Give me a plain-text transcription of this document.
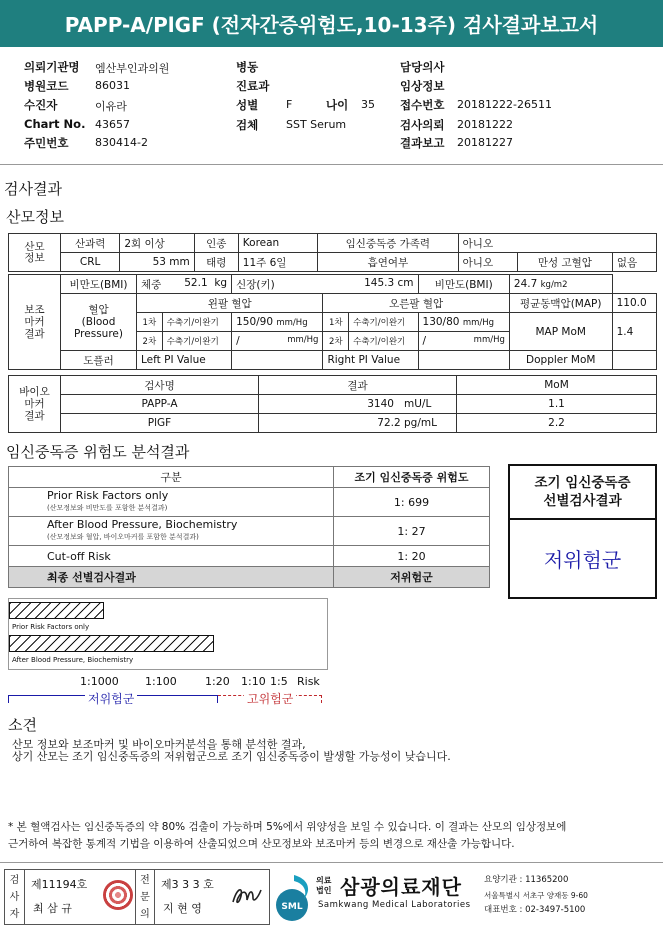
PAPP-A/PlGF (전자간증위험도,10-13주) 검사결과보고서
의뢰기관명 엠산부인과의원
병원코드 86031
수진자	이유라
Chart No. 43657
주민번호 830414-2
병동
진료과
성별	F	나이 35
검체	SST Serum
담당의사
임상정보
접수번호 20181222-26511
검사의뢰 20181222
결과보고 20181227
검사결과
산모정보
산모
정보	산과력	2회 이상	인종	Korean	임신중독증 가족력	아니오		
	CRL	53 mm	태령	11주 6일	흡연여부	아니오	만성 고혈압	없음
보조
마커
결과	비만도(BMI)	체중 52.1 kg		신장(키) 145.3 cm			비만도(BMI)	24.7 kg/m2	
	혈압
(Blood
Pressure)	왼팔 혈압			오른팔 혈압			평균동맥압(MAP)	110.0
		1차	수축기/이완기	150/90 mm/Hg	1차	수축기/이완기	130/80 mm/Hg	MAP MoM	1.4
		2차	수축기/이완기	/ mm/Hg	2차	수축기/이완기	/ mm/Hg		

	도플러	Left PI Value			Right PI Value			Doppler MoM	
바이오
마커
결과	검사명	결과	MoM
	PAPP-A	3140 mU/L	1.1
	PlGF	72.2 pg/mL	2.2
임신중독증 위험도 분석결과
구분	조기 임신중독증 위험도
Prior Risk Factors only
(산모정보와 비만도를 포함한 분석결과)	1: 699
After Blood Pressure, Biochemistry
(산모정보와 혈압, 바이오마커를 포함한 분석결과)	1: 27
Cut-off Risk	1: 20
최종 선별검사결과	저위험군
조기 임신중독증
선별검사결과
저위험군
Prior Risk Factors only
After Blood Pressure, Biochemistry
1:1000 1:100	1:20 1:10 1:5 Risk
저위험군	고위험군
소견
산모 정보와 보조마커 및 바이오마커분석을 통해 분석한 결과,
상기 산모는 조기 임신중독증의 저위험군으로 조기 임신중독증이 발생할 가능성이 낮습니다.
* 본 혈액검사는 임신중독증의 약 80% 검출이 가능하며 5%에서 위양성을 보일 수 있습니다. 이 결과는 산모의 임상정보에
근거하여 복잡한 통계적 기법을 이용하여 산출되었으며 산모정보와 보조마커 등의 변경으로 재산출 가능합니다.
검
사
자
제11194호
최 삼 규
전
문
의
제3 3 3 호
지 현 영	SML
의료
법인 삼광의료재단
Samkwang Medical Laboratories
요양기관 : 11365200
서울특별시 서초구 양재동 9-60
대표번호 : 02-3497-5100
